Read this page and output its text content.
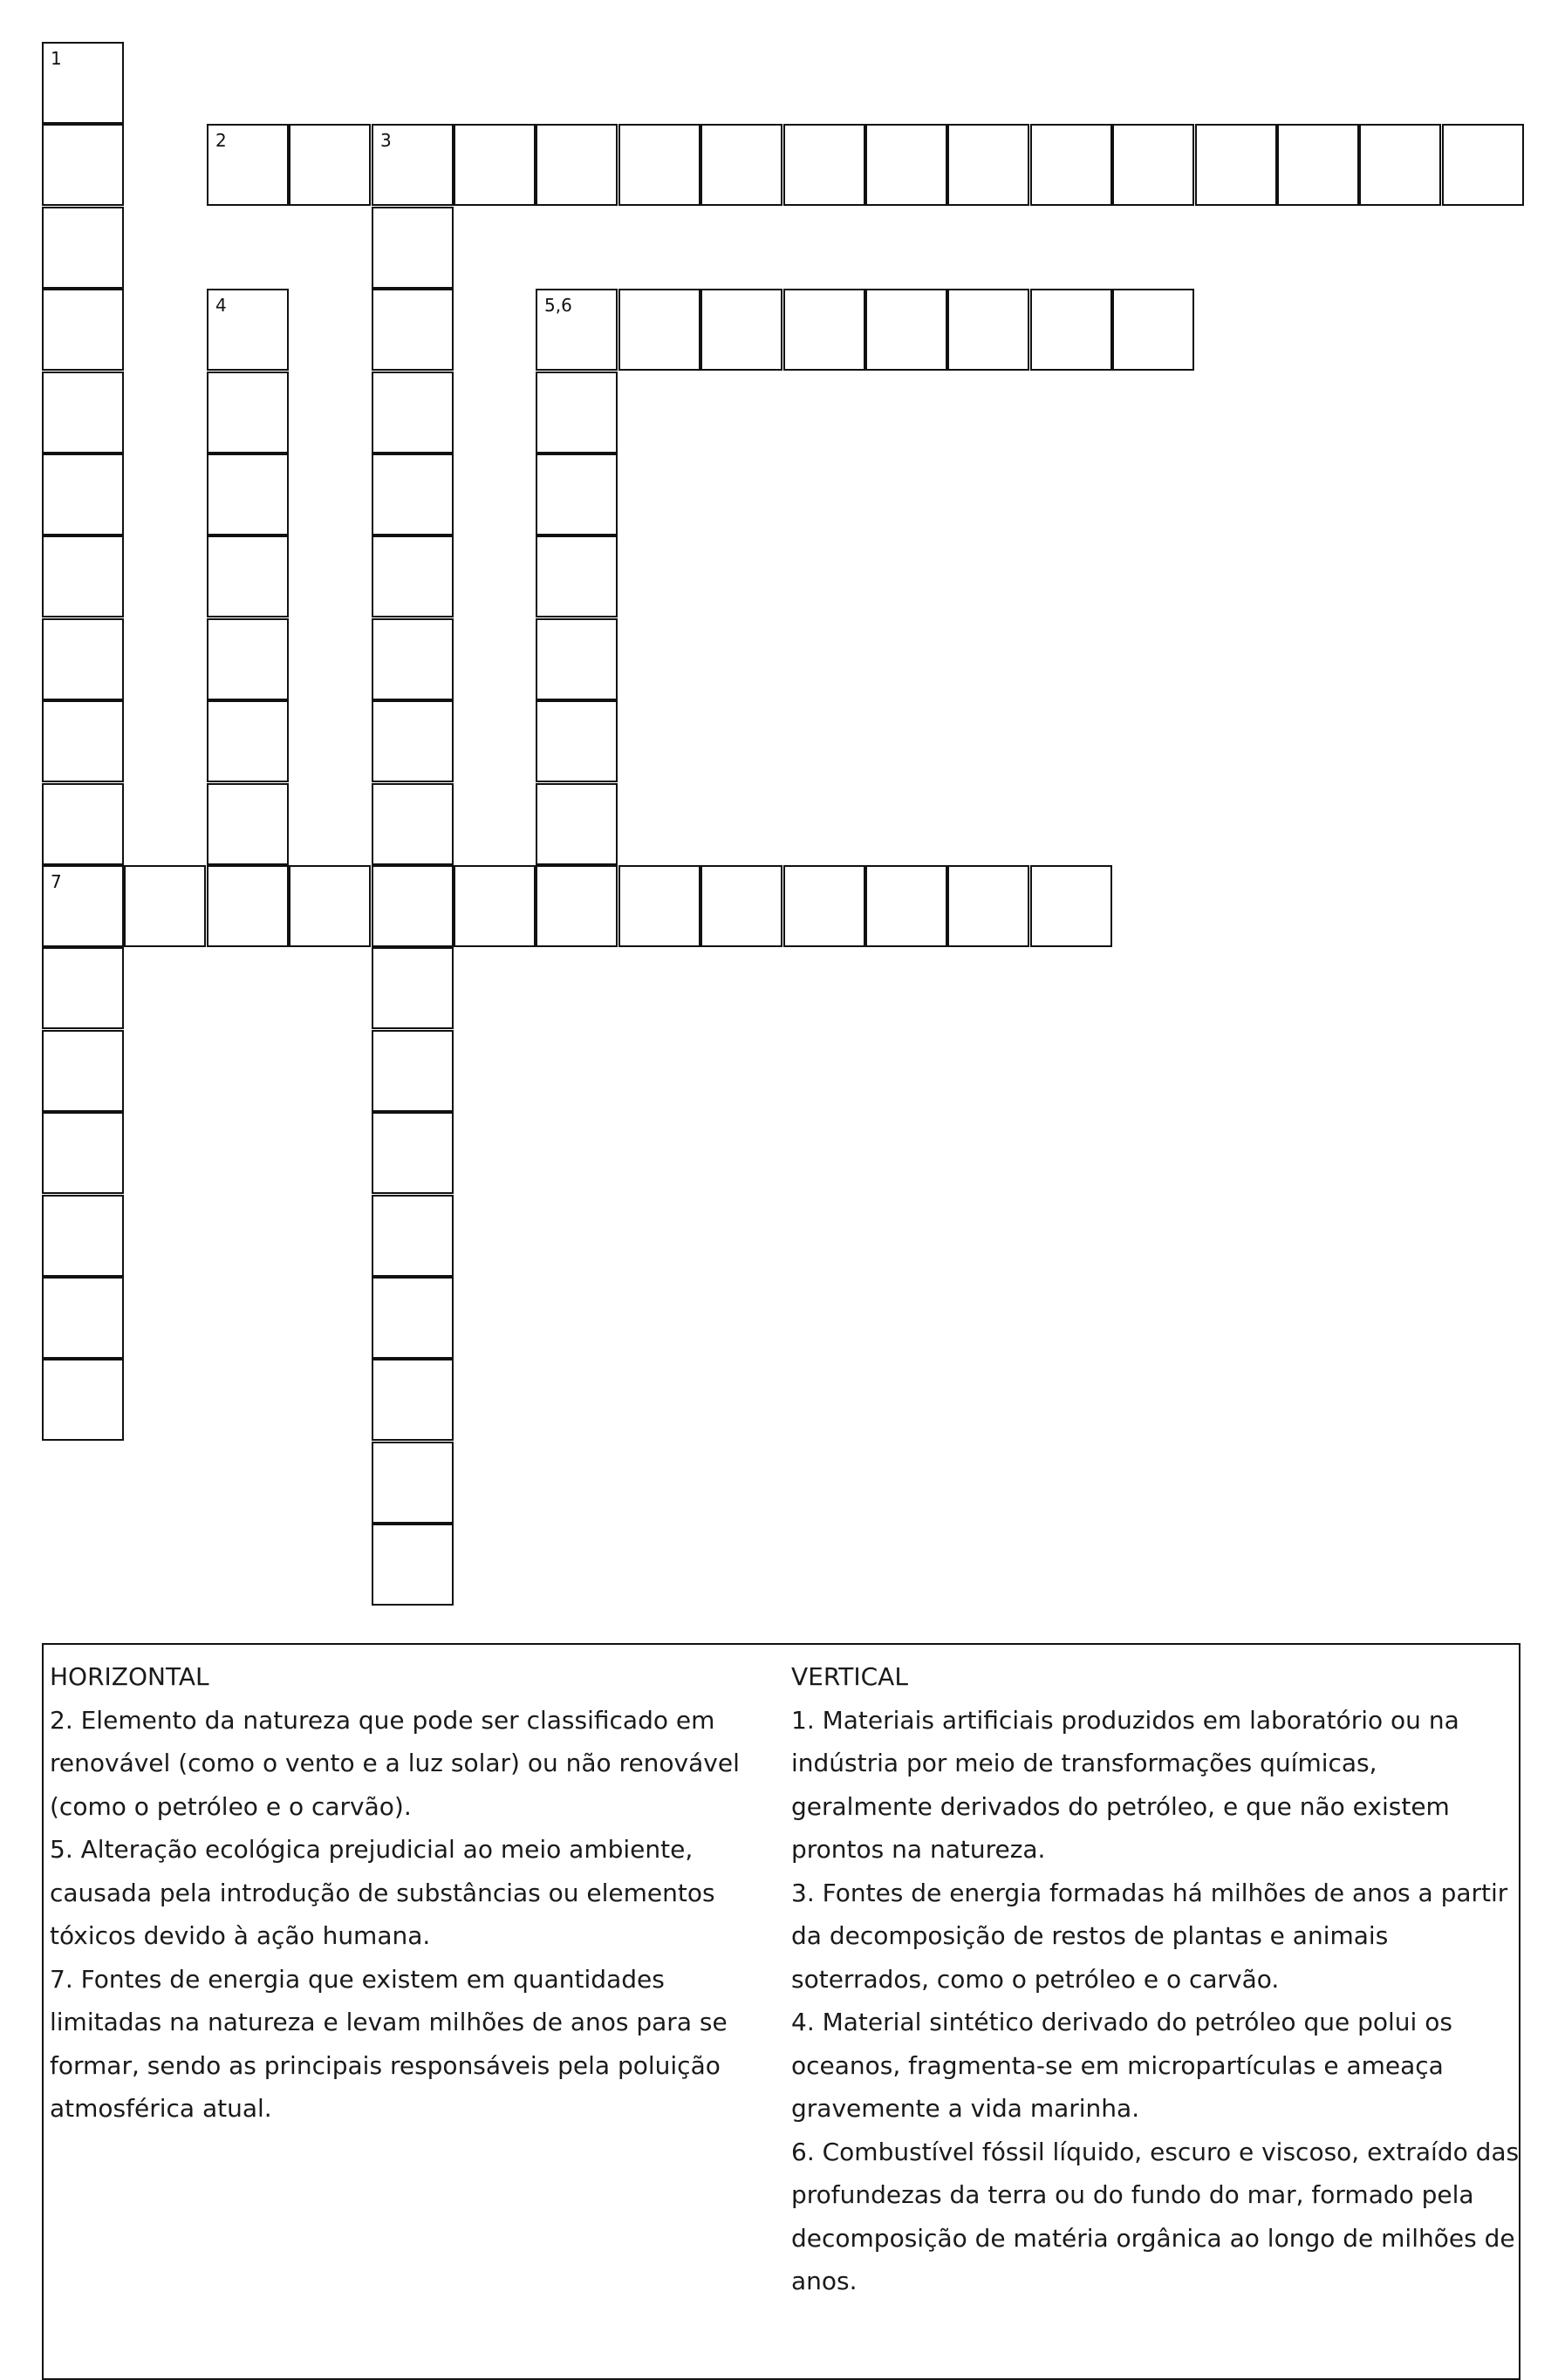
1
7
2	3
4	5,6
HORIZONTAL
2. Elemento da natureza que pode ser classificado em renovável (como o vento e a luz solar) ou não renovável (como o petróleo e o carvão).
5. Alteração ecológica prejudicial ao meio ambiente, causada pela introdução de substâncias ou elementos tóxicos devido à ação humana.
7. Fontes de energia que existem em quantidades limitadas na natureza e levam milhões de anos para se formar, sendo as principais responsáveis pela poluição atmosférica atual.
VERTICAL
1. Materiais artificiais produzidos em laboratório ou na indústria por meio de transformações químicas, geralmente derivados do petróleo, e que não existem prontos na natureza.
3. Fontes de energia formadas há milhões de anos a partir da decomposição de restos de plantas e animais soterrados, como o petróleo e o carvão.
4. Material sintético derivado do petróleo que polui os oceanos, fragmenta-se em micropartículas e ameaça gravemente a vida marinha.
6. Combustível fóssil líquido, escuro e viscoso, extraído das profundezas da terra ou do fundo do mar, formado pela decomposição de matéria orgânica ao longo de milhões de anos.
